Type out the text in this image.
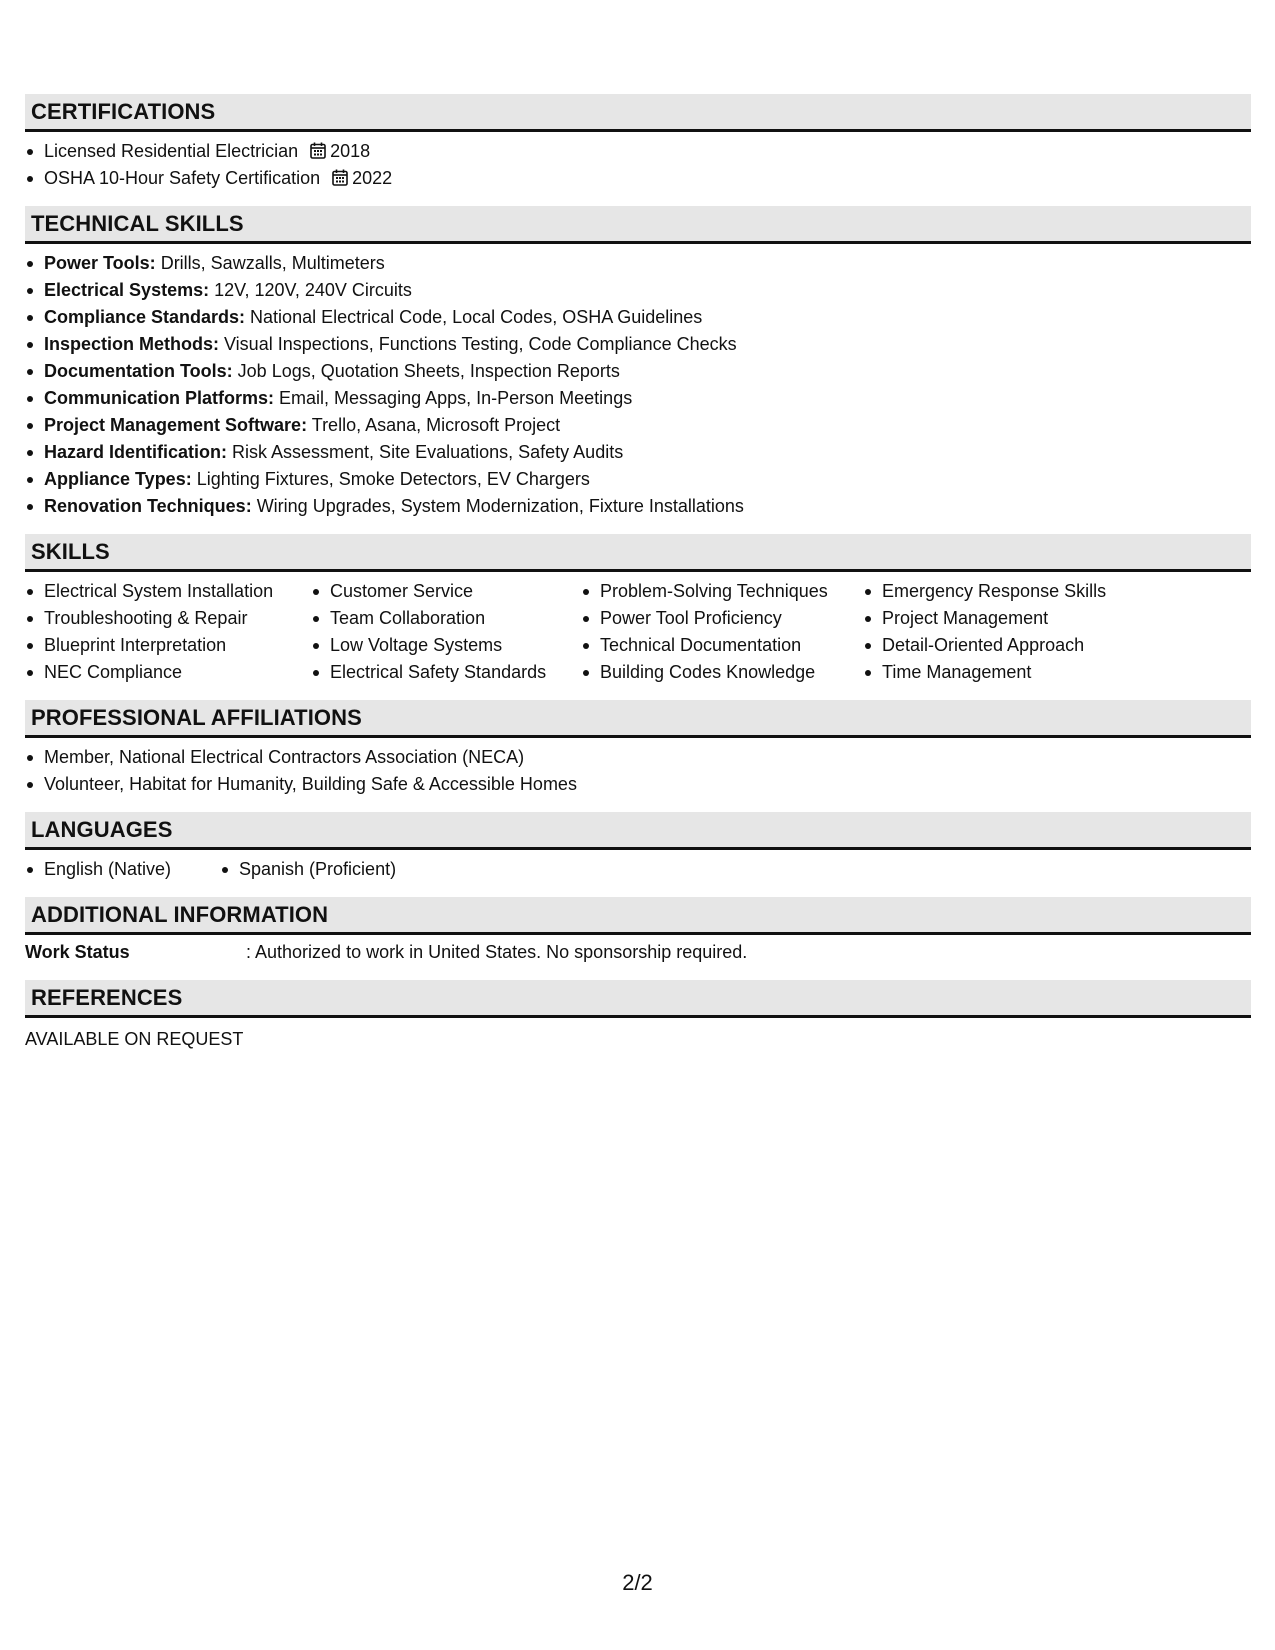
CERTIFICATIONS
Licensed Residential Electrician 2018
OSHA 10-Hour Safety Certification 2022
TECHNICAL SKILLS
Power Tools: Drills, Sawzalls, Multimeters
Electrical Systems: 12V, 120V, 240V Circuits
Compliance Standards: National Electrical Code, Local Codes, OSHA Guidelines
Inspection Methods: Visual Inspections, Functions Testing, Code Compliance Checks
Documentation Tools: Job Logs, Quotation Sheets, Inspection Reports
Communication Platforms: Email, Messaging Apps, In-Person Meetings
Project Management Software: Trello, Asana, Microsoft Project
Hazard Identification: Risk Assessment, Site Evaluations, Safety Audits
Appliance Types: Lighting Fixtures, Smoke Detectors, EV Chargers
Renovation Techniques: Wiring Upgrades, System Modernization, Fixture Installations
SKILLS
Electrical System Installation
Troubleshooting & Repair
Blueprint Interpretation
NEC Compliance
Customer Service
Team Collaboration
Low Voltage Systems
Electrical Safety Standards
Problem-Solving Techniques
Power Tool Proficiency
Technical Documentation
Building Codes Knowledge
Emergency Response Skills
Project Management
Detail-Oriented Approach
Time Management
PROFESSIONAL AFFILIATIONS
Member, National Electrical Contractors Association (NECA)
Volunteer, Habitat for Humanity, Building Safe & Accessible Homes
LANGUAGES
English (Native)	Spanish (Proficient)
ADDITIONAL INFORMATION
Work Status	: Authorized to work in United States. No sponsorship required.
REFERENCES
AVAILABLE ON REQUEST
2/2
